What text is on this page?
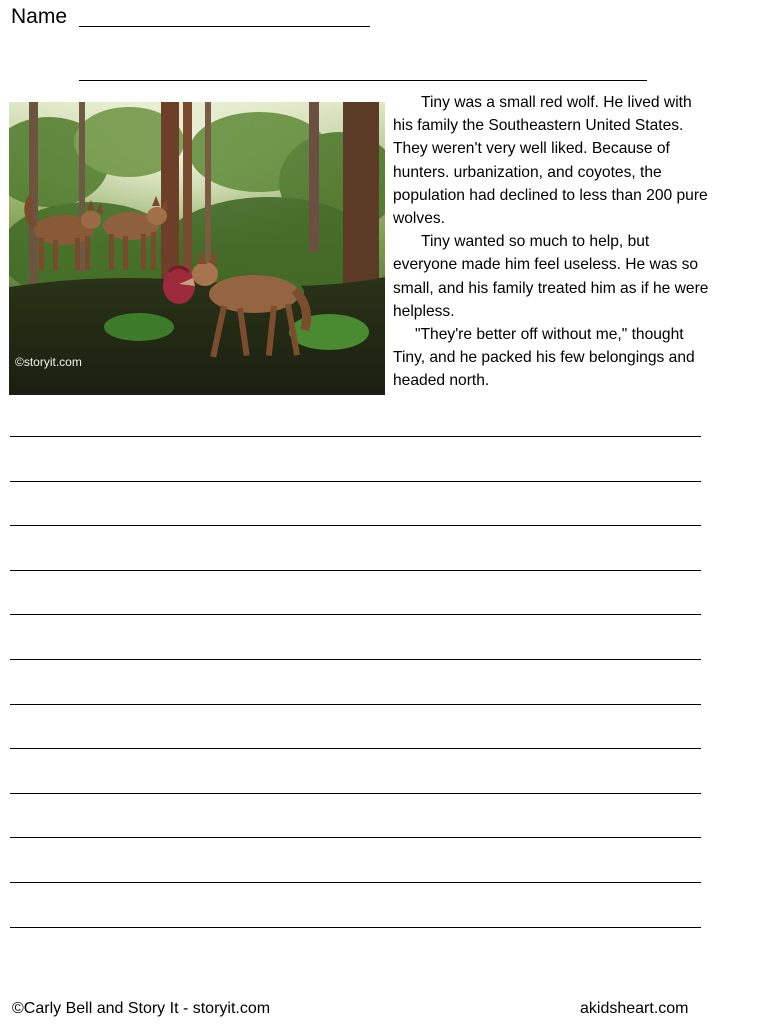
Name
©storyit.com

Tiny was a small red wolf. He lived with his family the Southeastern United States. They weren't very well liked. Because of hunters. urbanization, and coyotes, the population had declined to less than 200 pure wolves.

Tiny wanted so much to help, but everyone made him feel useless. He was so small, and his family treated him as if he were helpless.

"They're better off without me," thought Tiny, and he packed his few belongings and headed north.

©Carly Bell and Story It - storyit.com	akidsheart.com
